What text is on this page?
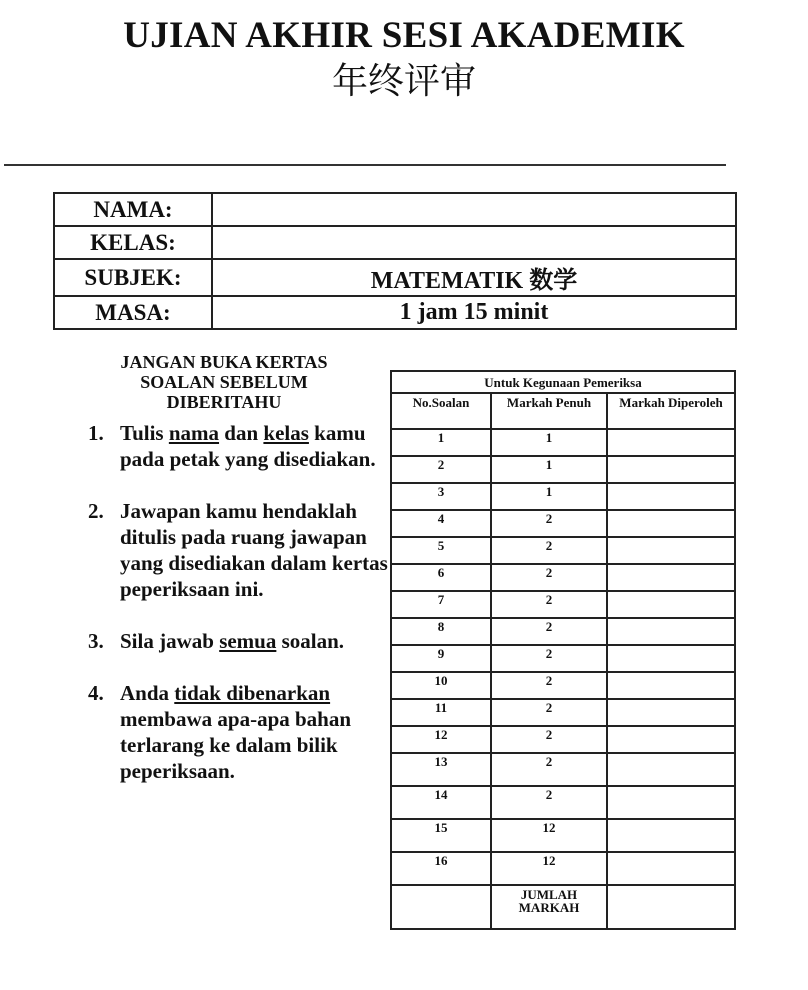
UJIAN AKHIR SESI AKADEMIK
年终评审
NAMA:	
KELAS:	
SUBJEK:	MATEMATIK 数学
MASA:	1 jam 15 minit
JANGAN BUKA KERTAS
SOALAN SEBELUM
DIBERITAHU
1. Tulis nama dan kelas kamu pada petak yang disediakan.
2. Jawapan kamu hendaklah ditulis pada ruang jawapan yang disediakan dalam kertas peperiksaan ini.
3. Sila jawab semua soalan.
4. Anda tidak dibenarkan membawa apa-apa bahan terlarang ke dalam bilik peperiksaan.
Untuk Kegunaan Pemeriksa		
No.Soalan	Markah Penuh	Markah Diperoleh
1	1	
2	1	
3	1	
4	2	
5	2	
6	2	
7	2	
8	2	
9	2	
10	2	
11	2	
12	2	
13	2	
14	2	
15	12	
16	12	
	JUMLAH MARKAH	
